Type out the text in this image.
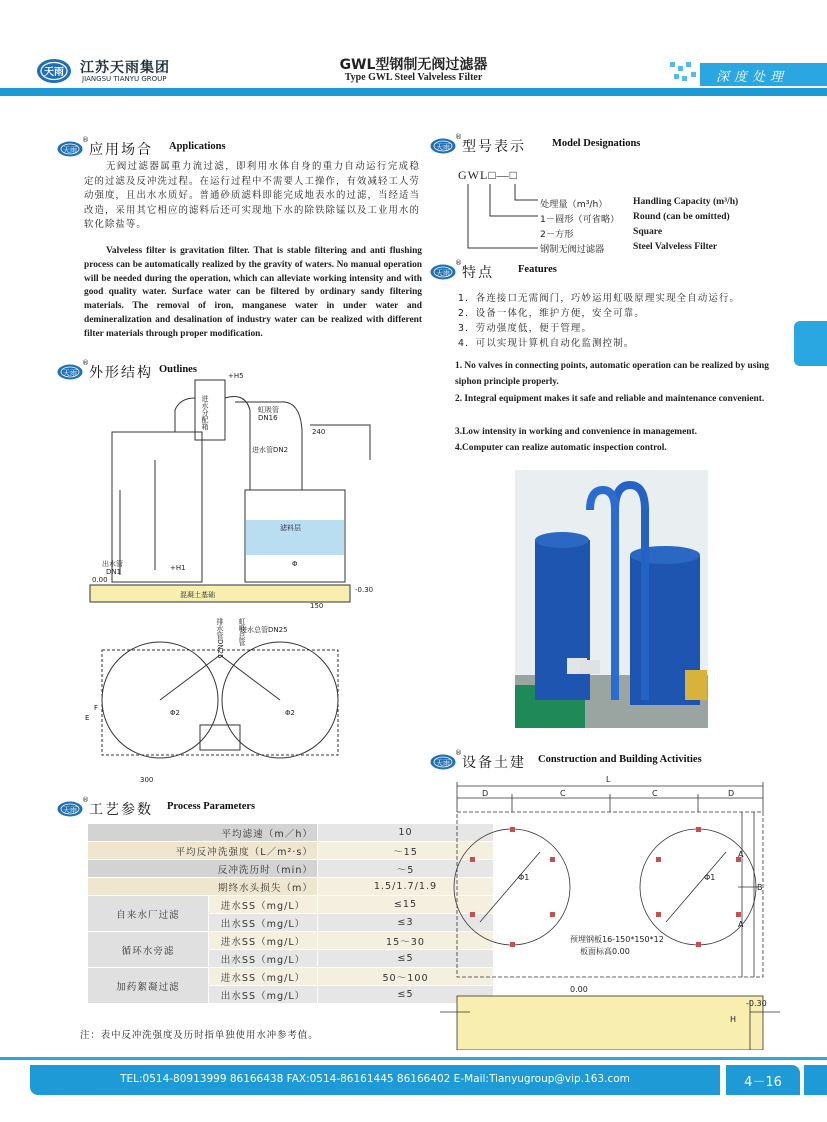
天雨 江苏天雨集团
JIANGSU TIANYU GROUP
GWL型钢制无阀过滤器
Type GWL Steel Valveless Filter	深度处理
天雨
®
应用场合 Applications
无阀过滤器属重力流过滤，即利用水体自身的重力自动运行完成稳定的过滤及反冲洗过程。在运行过程中不需要人工操作，有效减轻工人劳动强度，且出水水质好。普通砂质滤料即能完成地表水的过滤，当经适当改造，采用其它相应的滤料后还可实现地下水的除铁除锰以及工业用水的软化除盐等。
Valveless filter is gravitation filter. That is stable filtering and anti flushing process can be automatically realized by the gravity of waters. No manual operation will be needed during the operation, which can alleviate working intensity and with good quality water. Surface water can be filtered by ordinary sandy filtering materials. The removal of iron, manganese water in under water and demineralization and desalination of industry water can be realized with different filter materials through proper modification.
天雨
®
外形结构 Outlines
进水分配箱
+H5
虹吸管
DN16
进水管DN2
240
滤料层
出水管
DN1	+H1	Φ
0.00
-0.30
150
混凝土基础
排水管DN25 进水总管DN25
虹吸总管
300
Φ2	Φ2
E
F
天雨
®
工艺参数 Process Parameters
平均滤速（m／h）		10
平均反冲洗强度（L／m²·s）		～15
反冲洗历时（min）		～5
期终水头损失（m）		1.5/1.7/1.9
自来水厂过滤	进水SS（mg/L）	≤15
	出水SS（mg/L）	≤3
循环水旁滤	进水SS（mg/L）	15～30
	出水SS（mg/L）	≤5
加药絮凝过滤	进水SS（mg/L）	50～100
	出水SS（mg/L）	≤5
注：表中反冲洗强度及历时指单独使用水冲参考值。
天雨
®
型号表示 Model Designations
GWL□—□
处理量（m³/h）
1－圆形（可省略）
2－方形
钢制无阀过滤器
Handling Capacity (m³/h)
Round (can be omitted)
Square
Steel Valveless Filter
天雨
®
特点 Features
1．各连接口无需阀门，巧妙运用虹吸原理实现全自动运行。
2．设备一体化，维护方便，安全可靠。
3．劳动强度低，便于管理。
4．可以实现计算机自动化监测控制。
1. No valves in connecting points, automatic operation can be realized by using siphon principle properly.
2. Integral equipment makes it safe and reliable and maintenance convenient.
3.Low intensity in working and convenience in management.
4.Computer can realize automatic inspection control.
天雨
®
设备土建 Construction and Building Activities
L
D	C	C	D
A
A
B
Φ1	Φ1
预埋钢板16-150*150*12
板面标高0.00
0.00
-0.30
H
TEL:0514-80913999 86166438 FAX:0514-86161445 86166402 E-Mail:Tianyugroup@vip.163.com	4－16
